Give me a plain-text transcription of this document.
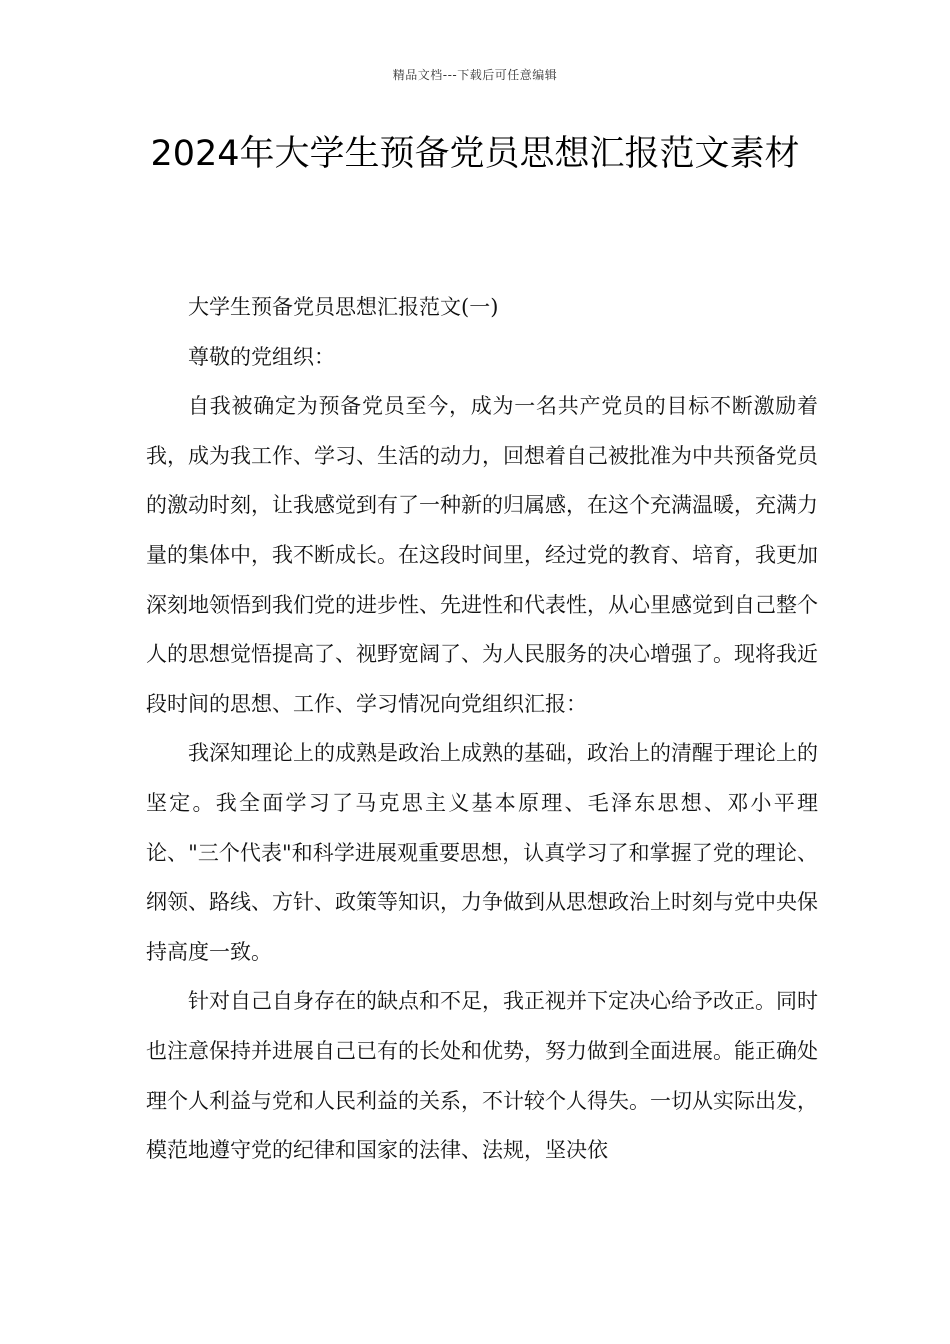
精品文档---下载后可任意编辑
2024年大学生预备党员思想汇报范文素材

大学生预备党员思想汇报范文(一)

尊敬的党组织：

自我被确定为预备党员至今，成为一名共产党员的目标不断激励着我，成为我工作、学习、生活的动力，回想着自己被批准为中共预备党员的激动时刻，让我感觉到有了一种新的归属感，在这个充满温暖，充满力量的集体中，我不断成长。在这段时间里，经过党的教育、培育，我更加深刻地领悟到我们党的进步性、先进性和代表性，从心里感觉到自己整个人的思想觉悟提高了、视野宽阔了、为人民服务的决心增强了。现将我近段时间的思想、工作、学习情况向党组织汇报：

我深知理论上的成熟是政治上成熟的基础，政治上的清醒于理论上的坚定。我全面学习了马克思主义基本原理、毛泽东思想、邓小平理论、"三个代表"和科学进展观重要思想，认真学习了和掌握了党的理论、纲领、路线、方针、政策等知识，力争做到从思想政治上时刻与党中央保持高度一致。

针对自己自身存在的缺点和不足，我正视并下定决心给予改正。同时也注意保持并进展自己已有的长处和优势，努力做到全面进展。能正确处理个人利益与党和人民利益的关系，不计较个人得失。一切从实际出发，模范地遵守党的纪律和国家的法律、法规，坚决依
